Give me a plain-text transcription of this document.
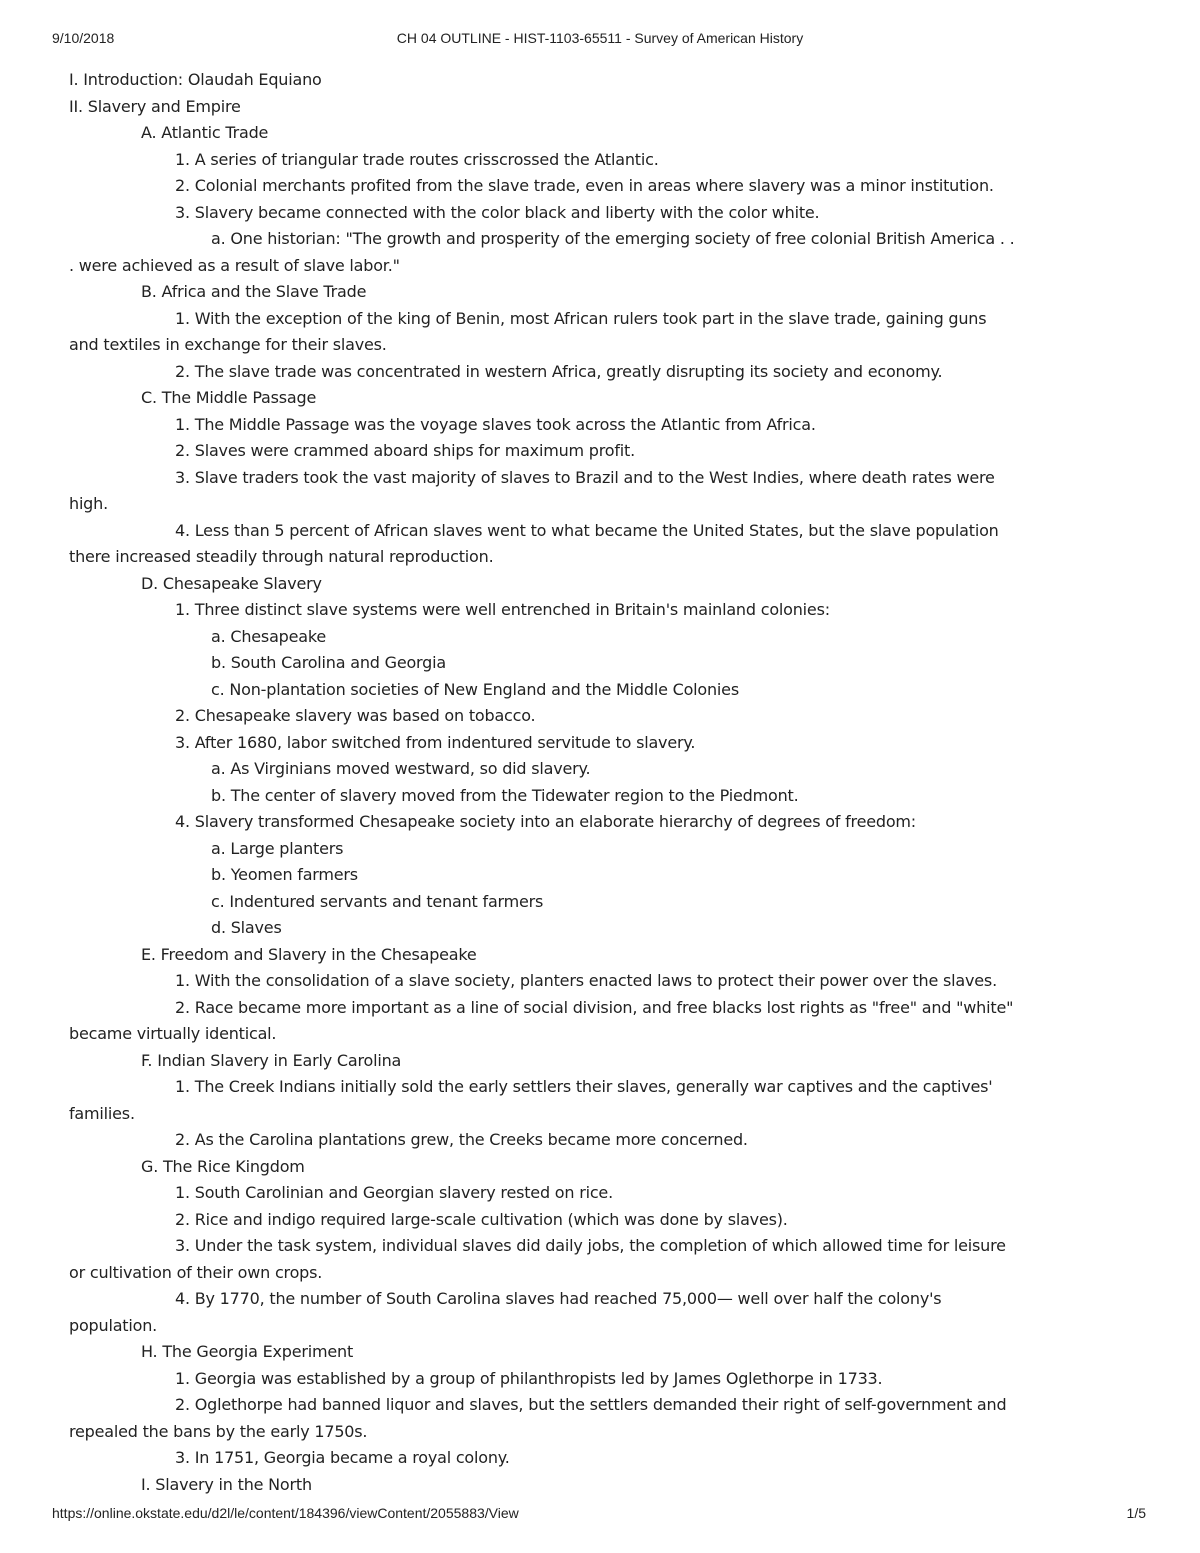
9/10/2018	CH 04 OUTLINE - HIST-1103-65511 - Survey of American History
I. Introduction: Olaudah Equiano
II. Slavery and Empire
A. Atlantic Trade
1. A series of triangular trade routes crisscrossed the Atlantic.
2. Colonial merchants profited from the slave trade, even in areas where slavery was a minor institution.
3. Slavery became connected with the color black and liberty with the color white.
a. One historian: "The growth and prosperity of the emerging society of free colonial British America . .
. were achieved as a result of slave labor."
B. Africa and the Slave Trade
1. With the exception of the king of Benin, most African rulers took part in the slave trade, gaining guns
and textiles in exchange for their slaves.
2. The slave trade was concentrated in western Africa, greatly disrupting its society and economy.
C. The Middle Passage
1. The Middle Passage was the voyage slaves took across the Atlantic from Africa.
2. Slaves were crammed aboard ships for maximum profit.
3. Slave traders took the vast majority of slaves to Brazil and to the West Indies, where death rates were
high.
4. Less than 5 percent of African slaves went to what became the United States, but the slave population
there increased steadily through natural reproduction.
D. Chesapeake Slavery
1. Three distinct slave systems were well entrenched in Britain's mainland colonies:
a. Chesapeake
b. South Carolina and Georgia
c. Non-plantation societies of New England and the Middle Colonies
2. Chesapeake slavery was based on tobacco.
3. After 1680, labor switched from indentured servitude to slavery.
a. As Virginians moved westward, so did slavery.
b. The center of slavery moved from the Tidewater region to the Piedmont.
4. Slavery transformed Chesapeake society into an elaborate hierarchy of degrees of freedom:
a. Large planters
b. Yeomen farmers
c. Indentured servants and tenant farmers
d. Slaves
E. Freedom and Slavery in the Chesapeake
1. With the consolidation of a slave society, planters enacted laws to protect their power over the slaves.
2. Race became more important as a line of social division, and free blacks lost rights as "free" and "white"
became virtually identical.
F. Indian Slavery in Early Carolina
1. The Creek Indians initially sold the early settlers their slaves, generally war captives and the captives'
families.
2. As the Carolina plantations grew, the Creeks became more concerned.
G. The Rice Kingdom
1. South Carolinian and Georgian slavery rested on rice.
2. Rice and indigo required large-scale cultivation (which was done by slaves).
3. Under the task system, individual slaves did daily jobs, the completion of which allowed time for leisure
or cultivation of their own crops.
4. By 1770, the number of South Carolina slaves had reached 75,000— well over half the colony's
population.
H. The Georgia Experiment
1. Georgia was established by a group of philanthropists led by James Oglethorpe in 1733.
2. Oglethorpe had banned liquor and slaves, but the settlers demanded their right of self-government and
repealed the bans by the early 1750s.
3. In 1751, Georgia became a royal colony.
I. Slavery in the North
https://online.okstate.edu/d2l/le/content/184396/viewContent/2055883/View	1/5
